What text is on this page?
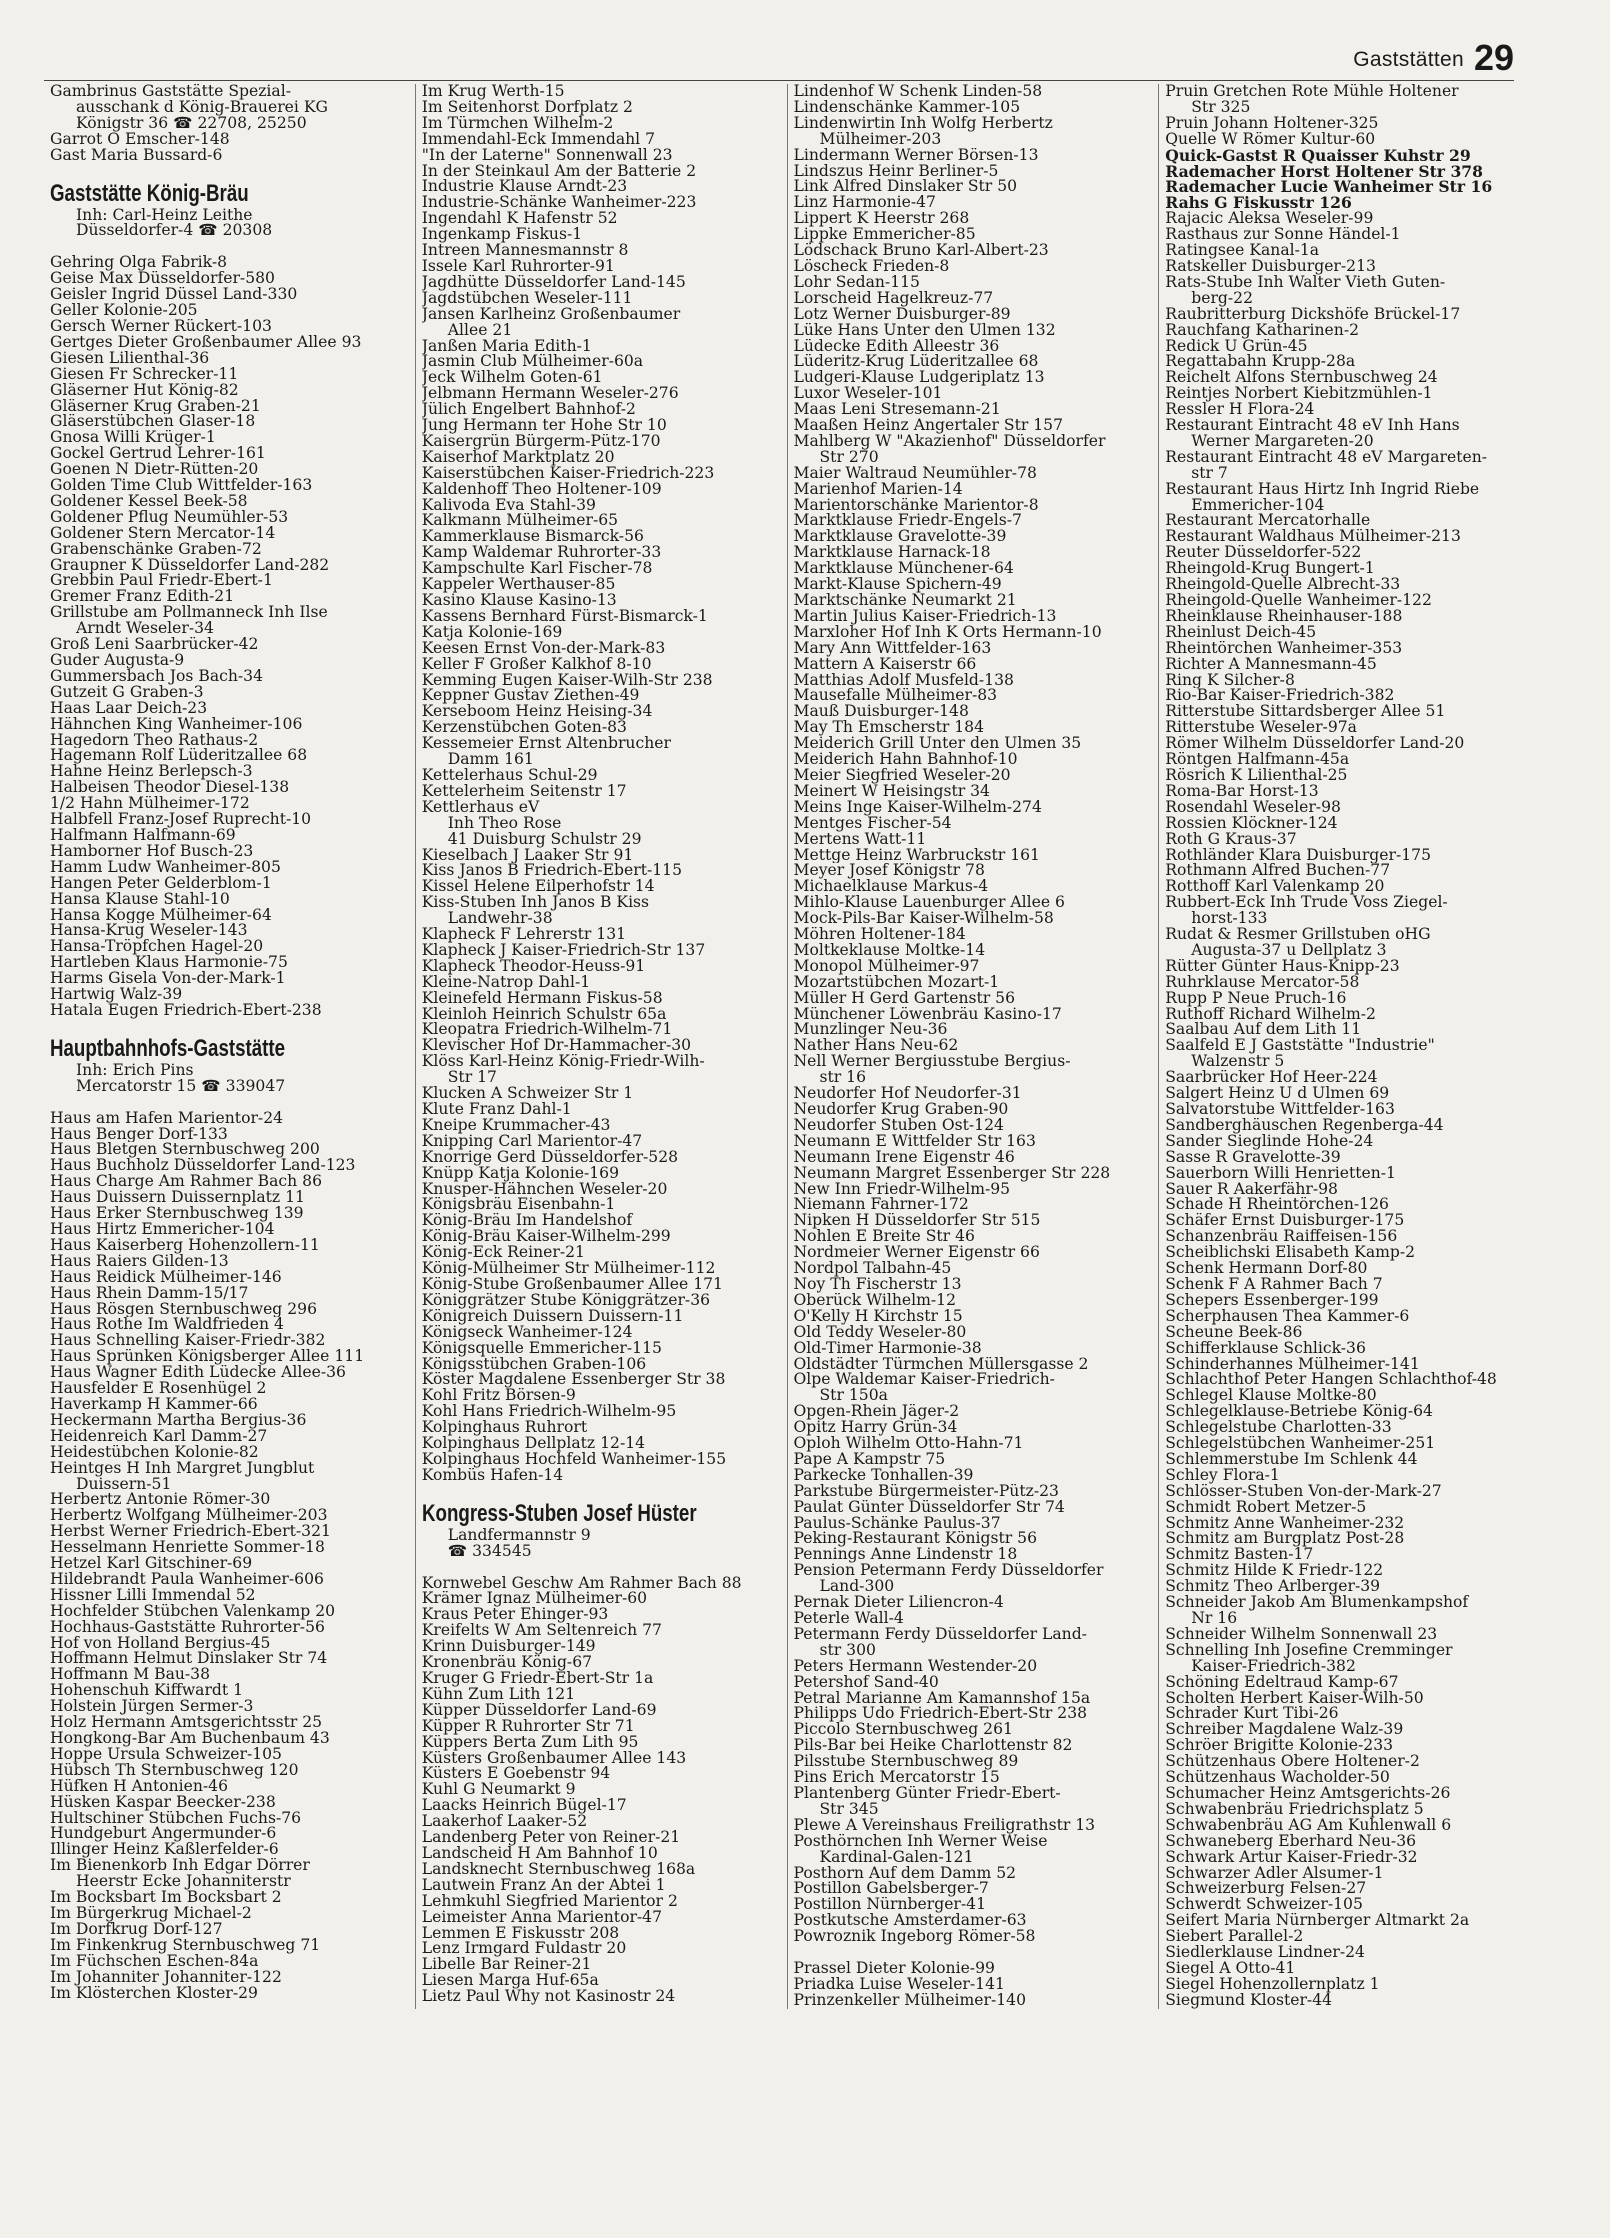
Gaststätten 29
Gambrinus Gaststätte Spezial-
ausschank d König-Brauerei KG
Königstr 36 ☎ 22708, 25250
Garrot O Emscher-148
Gast Maria Bussard-6
Gaststätte König-Bräu
Inh: Carl-Heinz Leithe
Düsseldorfer-4 ☎ 20308
Gehring Olga Fabrik-8
Geise Max Düsseldorfer-580
Geisler Ingrid Düssel Land-330
Geller Kolonie-205
Gersch Werner Rückert-103
Gertges Dieter Großenbaumer Allee 93
Giesen Lilienthal-36
Giesen Fr Schrecker-11
Gläserner Hut König-82
Gläserner Krug Graben-21
Gläserstübchen Glaser-18
Gnosa Willi Krüger-1
Gockel Gertrud Lehrer-161
Goenen N Dietr-Rütten-20
Golden Time Club Wittfelder-163
Goldener Kessel Beek-58
Goldener Pflug Neumühler-53
Goldener Stern Mercator-14
Grabenschänke Graben-72
Graupner K Düsseldorfer Land-282
Grebbin Paul Friedr-Ebert-1
Gremer Franz Edith-21
Grillstube am Pollmanneck Inh Ilse
Arndt Weseler-34
Groß Leni Saarbrücker-42
Guder Augusta-9
Gummersbach Jos Bach-34
Gutzeit G Graben-3
Haas Laar Deich-23
Hähnchen King Wanheimer-106
Hagedorn Theo Rathaus-2
Hagemann Rolf Lüderitzallee 68
Hahne Heinz Berlepsch-3
Halbeisen Theodor Diesel-138
1/2 Hahn Mülheimer-172
Halbfell Franz-Josef Ruprecht-10
Halfmann Halfmann-69
Hamborner Hof Busch-23
Hamm Ludw Wanheimer-805
Hangen Peter Gelderblom-1
Hansa Klause Stahl-10
Hansa Kogge Mülheimer-64
Hansa-Krug Weseler-143
Hansa-Tröpfchen Hagel-20
Hartleben Klaus Harmonie-75
Harms Gisela Von-der-Mark-1
Hartwig Walz-39
Hatala Eugen Friedrich-Ebert-238
Hauptbahnhofs-Gaststätte
Inh: Erich Pins
Mercatorstr 15 ☎ 339047
Haus am Hafen Marientor-24
Haus Benger Dorf-133
Haus Bletgen Sternbuschweg 200
Haus Buchholz Düsseldorfer Land-123
Haus Charge Am Rahmer Bach 86
Haus Duissern Duissernplatz 11
Haus Erker Sternbuschweg 139
Haus Hirtz Emmericher-104
Haus Kaiserberg Hohenzollern-11
Haus Raiers Gilden-13
Haus Reidick Mülheimer-146
Haus Rhein Damm-15/17
Haus Rösgen Sternbuschweg 296
Haus Rothe Im Waldfrieden 4
Haus Schnelling Kaiser-Friedr-382
Haus Sprünken Königsberger Allee 111
Haus Wagner Edith Lüdecke Allee-36
Hausfelder E Rosenhügel 2
Haverkamp H Kammer-66
Heckermann Martha Bergius-36
Heidenreich Karl Damm-27
Heidestübchen Kolonie-82
Heintges H Inh Margret Jungblut
Duissern-51
Herbertz Antonie Römer-30
Herbertz Wolfgang Mülheimer-203
Herbst Werner Friedrich-Ebert-321
Hesselmann Henriette Sommer-18
Hetzel Karl Gitschiner-69
Hildebrandt Paula Wanheimer-606
Hissner Lilli Immendal 52
Hochfelder Stübchen Valenkamp 20
Hochhaus-Gaststätte Ruhrorter-56
Hof von Holland Bergius-45
Hoffmann Helmut Dinslaker Str 74
Hoffmann M Bau-38
Hohenschuh Kiffwardt 1
Holstein Jürgen Sermer-3
Holz Hermann Amtsgerichtsstr 25
Hongkong-Bar Am Buchenbaum 43
Hoppe Ursula Schweizer-105
Hübsch Th Sternbuschweg 120
Hüfken H Antonien-46
Hüsken Kaspar Beecker-238
Hultschiner Stübchen Fuchs-76
Hundgeburt Angermunder-6
Illinger Heinz Kaßlerfelder-6
Im Bienenkorb Inh Edgar Dörrer
Heerstr Ecke Johanniterstr
Im Bocksbart Im Bocksbart 2
Im Bürgerkrug Michael-2
Im Dorfkrug Dorf-127
Im Finkenkrug Sternbuschweg 71
Im Füchschen Eschen-84a
Im Johanniter Johanniter-122
Im Klösterchen Kloster-29
Im Krug Werth-15
Im Seitenhorst Dorfplatz 2
Im Türmchen Wilhelm-2
Immendahl-Eck Immendahl 7
"In der Laterne" Sonnenwall 23
In der Steinkaul Am der Batterie 2
Industrie Klause Arndt-23
Industrie-Schänke Wanheimer-223
Ingendahl K Hafenstr 52
Ingenkamp Fiskus-1
Intreen Mannesmannstr 8
Issele Karl Ruhrorter-91
Jagdhütte Düsseldorfer Land-145
Jagdstübchen Weseler-111
Jansen Karlheinz Großenbaumer
Allee 21
Janßen Maria Edith-1
Jasmin Club Mülheimer-60a
Jeck Wilhelm Goten-61
Jelbmann Hermann Weseler-276
Jülich Engelbert Bahnhof-2
Jung Hermann ter Hohe Str 10
Kaisergrün Bürgerm-Pütz-170
Kaiserhof Marktplatz 20
Kaiserstübchen Kaiser-Friedrich-223
Kaldenhoff Theo Holtener-109
Kalivoda Eva Stahl-39
Kalkmann Mülheimer-65
Kammerklause Bismarck-56
Kamp Waldemar Ruhrorter-33
Kampschulte Karl Fischer-78
Kappeler Werthauser-85
Kasino Klause Kasino-13
Kassens Bernhard Fürst-Bismarck-1
Katja Kolonie-169
Keesen Ernst Von-der-Mark-83
Keller F Großer Kalkhof 8-10
Kemming Eugen Kaiser-Wilh-Str 238
Keppner Gustav Ziethen-49
Kerseboom Heinz Heising-34
Kerzenstübchen Goten-83
Kessemeier Ernst Altenbrucher
Damm 161
Kettelerhaus Schul-29
Kettelerheim Seitenstr 17
Kettlerhaus eV
Inh Theo Rose
41 Duisburg Schulstr 29
Kieselbach J Laaker Str 91
Kiss Janos B Friedrich-Ebert-115
Kissel Helene Eilperhofstr 14
Kiss-Stuben Inh Janos B Kiss
Landwehr-38
Klapheck F Lehrerstr 131
Klapheck J Kaiser-Friedrich-Str 137
Klapheck Theodor-Heuss-91
Kleine-Natrop Dahl-1
Kleinefeld Hermann Fiskus-58
Kleinloh Heinrich Schulstr 65a
Kleopatra Friedrich-Wilhelm-71
Klevischer Hof Dr-Hammacher-30
Klöss Karl-Heinz König-Friedr-Wilh-
Str 17
Klucken A Schweizer Str 1
Klute Franz Dahl-1
Kneipe Krummacher-43
Knipping Carl Marientor-47
Knorrige Gerd Düsseldorfer-528
Knüpp Katja Kolonie-169
Knusper-Hähnchen Weseler-20
Königsbräu Eisenbahn-1
König-Bräu Im Handelshof
König-Bräu Kaiser-Wilhelm-299
König-Eck Reiner-21
König-Mülheimer Str Mülheimer-112
König-Stube Großenbaumer Allee 171
Königgrätzer Stube Königgrätzer-36
Königreich Duissern Duissern-11
Königseck Wanheimer-124
Königsquelle Emmericher-115
Königsstübchen Graben-106
Köster Magdalene Essenberger Str 38
Kohl Fritz Börsen-9
Kohl Hans Friedrich-Wilhelm-95
Kolpinghaus Ruhrort
Kolpinghaus Dellplatz 12-14
Kolpinghaus Hochfeld Wanheimer-155
Kombüs Hafen-14
Kongress-Stuben Josef Hüster
Landfermannstr 9
☎ 334545
Kornwebel Geschw Am Rahmer Bach 88
Krämer Ignaz Mülheimer-60
Kraus Peter Ehinger-93
Kreifelts W Am Seltenreich 77
Krinn Duisburger-149
Kronenbräu König-67
Kruger G Friedr-Ebert-Str 1a
Kühn Zum Lith 121
Küpper Düsseldorfer Land-69
Küpper R Ruhrorter Str 71
Küppers Berta Zum Lith 95
Küsters Großenbaumer Allee 143
Küsters E Goebenstr 94
Kuhl G Neumarkt 9
Laacks Heinrich Bügel-17
Laakerhof Laaker-52
Landenberg Peter von Reiner-21
Landscheid H Am Bahnhof 10
Landsknecht Sternbuschweg 168a
Lautwein Franz An der Abtei 1
Lehmkuhl Siegfried Marientor 2
Leimeister Anna Marientor-47
Lemmen E Fiskusstr 208
Lenz Irmgard Fuldastr 20
Libelle Bar Reiner-21
Liesen Marga Huf-65a
Lietz Paul Why not Kasinostr 24
Lindenhof W Schenk Linden-58
Lindenschänke Kammer-105
Lindenwirtin Inh Wolfg Herbertz
Mülheimer-203
Lindermann Werner Börsen-13
Lindszus Heinr Berliner-5
Link Alfred Dinslaker Str 50
Linz Harmonie-47
Lippert K Heerstr 268
Lippke Emmericher-85
Lödschack Bruno Karl-Albert-23
Löscheck Frieden-8
Lohr Sedan-115
Lorscheid Hagelkreuz-77
Lotz Werner Duisburger-89
Lüke Hans Unter den Ulmen 132
Lüdecke Edith Alleestr 36
Lüderitz-Krug Lüderitzallee 68
Ludgeri-Klause Ludgeriplatz 13
Luxor Weseler-101
Maas Leni Stresemann-21
Maaßen Heinz Angertaler Str 157
Mahlberg W "Akazienhof" Düsseldorfer
Str 270
Maier Waltraud Neumühler-78
Marienhof Marien-14
Marientorschänke Marientor-8
Marktklause Friedr-Engels-7
Marktklause Gravelotte-39
Marktklause Harnack-18
Marktklause Münchener-64
Markt-Klause Spichern-49
Marktschänke Neumarkt 21
Martin Julius Kaiser-Friedrich-13
Marxloher Hof Inh K Orts Hermann-10
Mary Ann Wittfelder-163
Mattern A Kaiserstr 66
Matthias Adolf Musfeld-138
Mausefalle Mülheimer-83
Mauß Duisburger-148
May Th Emscherstr 184
Meiderich Grill Unter den Ulmen 35
Meiderich Hahn Bahnhof-10
Meier Siegfried Weseler-20
Meinert W Heisingstr 34
Meins Inge Kaiser-Wilhelm-274
Mentges Fischer-54
Mertens Watt-11
Mettge Heinz Warbruckstr 161
Meyer Josef Königstr 78
Michaelklause Markus-4
Mihlo-Klause Lauenburger Allee 6
Mock-Pils-Bar Kaiser-Wilhelm-58
Möhren Holtener-184
Moltkeklause Moltke-14
Monopol Mülheimer-97
Mozartstübchen Mozart-1
Müller H Gerd Gartenstr 56
Münchener Löwenbräu Kasino-17
Munzlinger Neu-36
Nather Hans Neu-62
Nell Werner Bergiusstube Bergius-
str 16
Neudorfer Hof Neudorfer-31
Neudorfer Krug Graben-90
Neudorfer Stuben Ost-124
Neumann E Wittfelder Str 163
Neumann Irene Eigenstr 46
Neumann Margret Essenberger Str 228
New Inn Friedr-Wilhelm-95
Niemann Fahrner-172
Nipken H Düsseldorfer Str 515
Nohlen E Breite Str 46
Nordmeier Werner Eigenstr 66
Nordpol Talbahn-45
Noy Th Fischerstr 13
Oberück Wilhelm-12
O'Kelly H Kirchstr 15
Old Teddy Weseler-80
Old-Timer Harmonie-38
Oldstädter Türmchen Müllersgasse 2
Olpe Waldemar Kaiser-Friedrich-
Str 150a
Opgen-Rhein Jäger-2
Opitz Harry Grün-34
Oploh Wilhelm Otto-Hahn-71
Pape A Kampstr 75
Parkecke Tonhallen-39
Parkstube Bürgermeister-Pütz-23
Paulat Günter Düsseldorfer Str 74
Paulus-Schänke Paulus-37
Peking-Restaurant Königstr 56
Pennings Anne Lindenstr 18
Pension Petermann Ferdy Düsseldorfer
Land-300
Pernak Dieter Liliencron-4
Peterle Wall-4
Petermann Ferdy Düsseldorfer Land-
str 300
Peters Hermann Westender-20
Petershof Sand-40
Petral Marianne Am Kamannshof 15a
Philipps Udo Friedrich-Ebert-Str 238
Piccolo Sternbuschweg 261
Pils-Bar bei Heike Charlottenstr 82
Pilsstube Sternbuschweg 89
Pins Erich Mercatorstr 15
Plantenberg Günter Friedr-Ebert-
Str 345
Plewe A Vereinshaus Freiligrathstr 13
Posthörnchen Inh Werner Weise
Kardinal-Galen-121
Posthorn Auf dem Damm 52
Postillon Gabelsberger-7
Postillon Nürnberger-41
Postkutsche Amsterdamer-63
Powroznik Ingeborg Römer-58
Prassel Dieter Kolonie-99
Priadka Luise Weseler-141
Prinzenkeller Mülheimer-140
Pruin Gretchen Rote Mühle Holtener
Str 325
Pruin Johann Holtener-325
Quelle W Römer Kultur-60
Quick-Gastst R Quaisser Kuhstr 29
Rademacher Horst Holtener Str 378
Rademacher Lucie Wanheimer Str 16
Rahs G Fiskusstr 126
Rajacic Aleksa Weseler-99
Rasthaus zur Sonne Händel-1
Ratingsee Kanal-1a
Ratskeller Duisburger-213
Rats-Stube Inh Walter Vieth Guten-
berg-22
Raubritterburg Dickshöfe Brückel-17
Rauchfang Katharinen-2
Redick U Grün-45
Regattabahn Krupp-28a
Reichelt Alfons Sternbuschweg 24
Reintjes Norbert Kiebitzmühlen-1
Ressler H Flora-24
Restaurant Eintracht 48 eV Inh Hans
Werner Margareten-20
Restaurant Eintracht 48 eV Margareten-
str 7
Restaurant Haus Hirtz Inh Ingrid Riebe
Emmericher-104
Restaurant Mercatorhalle
Restaurant Waldhaus Mülheimer-213
Reuter Düsseldorfer-522
Rheingold-Krug Bungert-1
Rheingold-Quelle Albrecht-33
Rheingold-Quelle Wanheimer-122
Rheinklause Rheinhauser-188
Rheinlust Deich-45
Rheintörchen Wanheimer-353
Richter A Mannesmann-45
Ring K Silcher-8
Rio-Bar Kaiser-Friedrich-382
Ritterstube Sittardsberger Allee 51
Ritterstube Weseler-97a
Römer Wilhelm Düsseldorfer Land-20
Röntgen Halfmann-45a
Rösrich K Lilienthal-25
Roma-Bar Horst-13
Rosendahl Weseler-98
Rossien Klöckner-124
Roth G Kraus-37
Rothländer Klara Duisburger-175
Rothmann Alfred Buchen-77
Rotthoff Karl Valenkamp 20
Rubbert-Eck Inh Trude Voss Ziegel-
horst-133
Rudat & Resmer Grillstuben oHG
Augusta-37 u Dellplatz 3
Rütter Günter Haus-Knipp-23
Ruhrklause Mercator-58
Rupp P Neue Pruch-16
Ruthoff Richard Wilhelm-2
Saalbau Auf dem Lith 11
Saalfeld E J Gaststätte "Industrie"
Walzenstr 5
Saarbrücker Hof Heer-224
Salgert Heinz U d Ulmen 69
Salvatorstube Wittfelder-163
Sandberghäuschen Regenberga-44
Sander Sieglinde Hohe-24
Sasse R Gravelotte-39
Sauerborn Willi Henrietten-1
Sauer R Aakerfähr-98
Schade H Rheintörchen-126
Schäfer Ernst Duisburger-175
Schanzenbräu Raiffeisen-156
Scheiblichski Elisabeth Kamp-2
Schenk Hermann Dorf-80
Schenk F A Rahmer Bach 7
Schepers Essenberger-199
Scherphausen Thea Kammer-6
Scheune Beek-86
Schifferklause Schlick-36
Schinderhannes Mülheimer-141
Schlachthof Peter Hangen Schlachthof-48
Schlegel Klause Moltke-80
Schlegelklause-Betriebe König-64
Schlegelstube Charlotten-33
Schlegelstübchen Wanheimer-251
Schlemmerstube Im Schlenk 44
Schley Flora-1
Schlösser-Stuben Von-der-Mark-27
Schmidt Robert Metzer-5
Schmitz Anne Wanheimer-232
Schmitz am Burgplatz Post-28
Schmitz Basten-17
Schmitz Hilde K Friedr-122
Schmitz Theo Arlberger-39
Schneider Jakob Am Blumenkampshof
Nr 16
Schneider Wilhelm Sonnenwall 23
Schnelling Inh Josefine Cremminger
Kaiser-Friedrich-382
Schöning Edeltraud Kamp-67
Scholten Herbert Kaiser-Wilh-50
Schrader Kurt Tibi-26
Schreiber Magdalene Walz-39
Schröer Brigitte Kolonie-233
Schützenhaus Obere Holtener-2
Schützenhaus Wacholder-50
Schumacher Heinz Amtsgerichts-26
Schwabenbräu Friedrichsplatz 5
Schwabenbräu AG Am Kuhlenwall 6
Schwaneberg Eberhard Neu-36
Schwark Artur Kaiser-Friedr-32
Schwarzer Adler Alsumer-1
Schweizerburg Felsen-27
Schwerdt Schweizer-105
Seifert Maria Nürnberger Altmarkt 2a
Siebert Parallel-2
Siedlerklause Lindner-24
Siegel A Otto-41
Siegel Hohenzollernplatz 1
Siegmund Kloster-44
